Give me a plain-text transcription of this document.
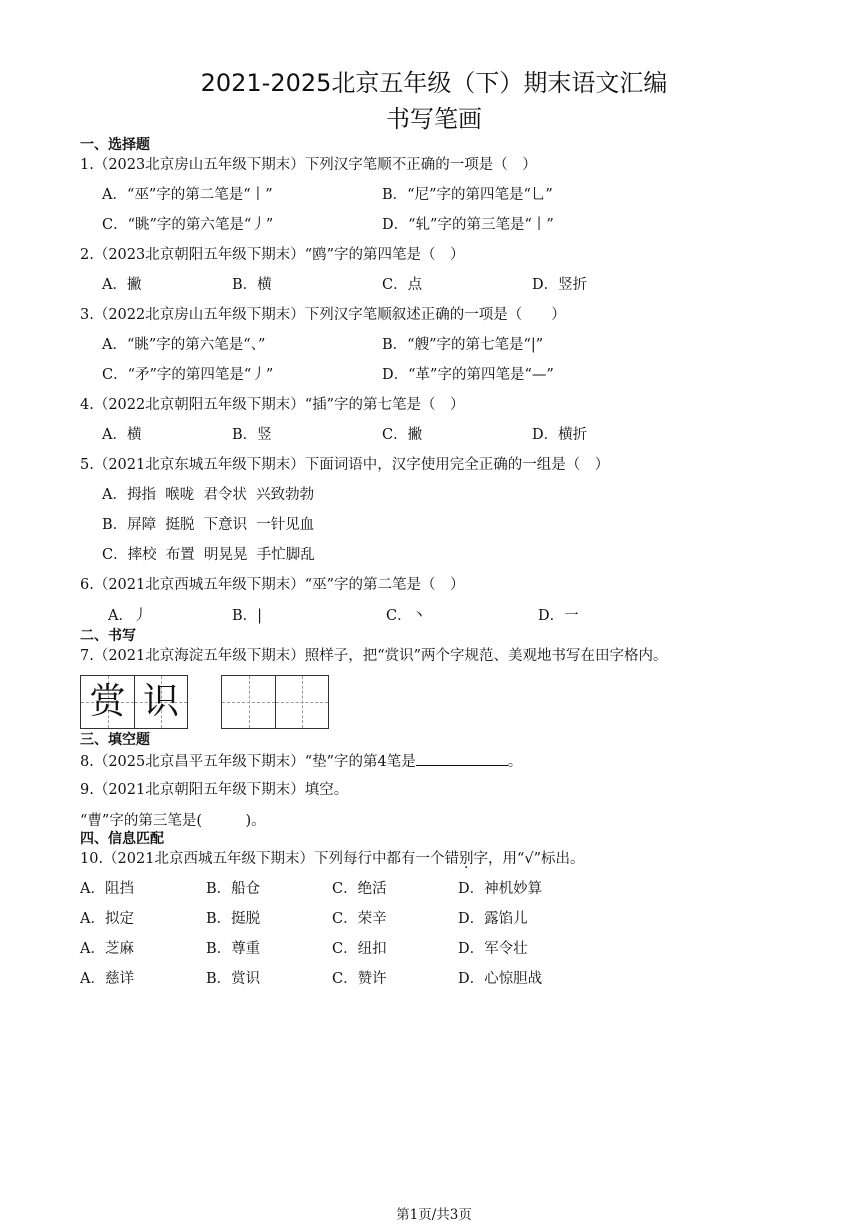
2021-2025北京五年级（下）期末语文汇编
书写笔画
一、选择题
1.（2023北京房山五年级下期末）下列汉字笔顺不正确的一项是（　）
A．“巫”字的第二笔是“丨”	B．“尼”字的第四笔是“乚”
C．“眺”字的第六笔是“丿”	D．“轧”字的第三笔是“丨”
2.（2023北京朝阳五年级下期末）“鸥”字的第四笔是（　）
A．撇	B．横	C．点	D．竖折
3.（2022北京房山五年级下期末）下列汉字笔顺叙述正确的一项是（　　）
A．“眺”字的第六笔是“、”	B．“艘”字的第七笔是“|”
C．“矛”字的第四笔是“丿”	D．“革”字的第四笔是“—”
4.（2022北京朝阳五年级下期末）“插”字的第七笔是（　）
A．横	B．竖	C．撇	D．横折
5.（2021北京东城五年级下期末）下面词语中，汉字使用完全正确的一组是（　）
A．拇指  喉咙  君令状  兴致勃勃
B．屏障  挺脱  下意识  一针见血
C．摔校  布置  明晃晃  手忙脚乱
6.（2021北京西城五年级下期末）“巫”字的第二笔是（　）
A．丿	B．|	C．丶	D．一
二、书写
7.（2021北京海淀五年级下期末）照样子，把“赏识”两个字规范、美观地书写在田字格内。
赏 识
三、填空题
8.（2025北京昌平五年级下期末）“垫”字的第4笔是	。
9.（2021北京朝阳五年级下期末）填空。
“曹”字的第三笔是(　　　)。
四、信息匹配
10.（2021北京西城五年级下期末）下列每行中都有一个错别字，用“√”标出。
A．阻挡	B．船仓	C．绝活	D．神机妙算
A．拟定	B．挺脱	C．荣辛	D．露馅儿
A．芝麻	B．尊重	C．纽扣	D．军令壮
A．慈详	B．赏识	C．赞许	D．心惊胆战
第1页/共3页
